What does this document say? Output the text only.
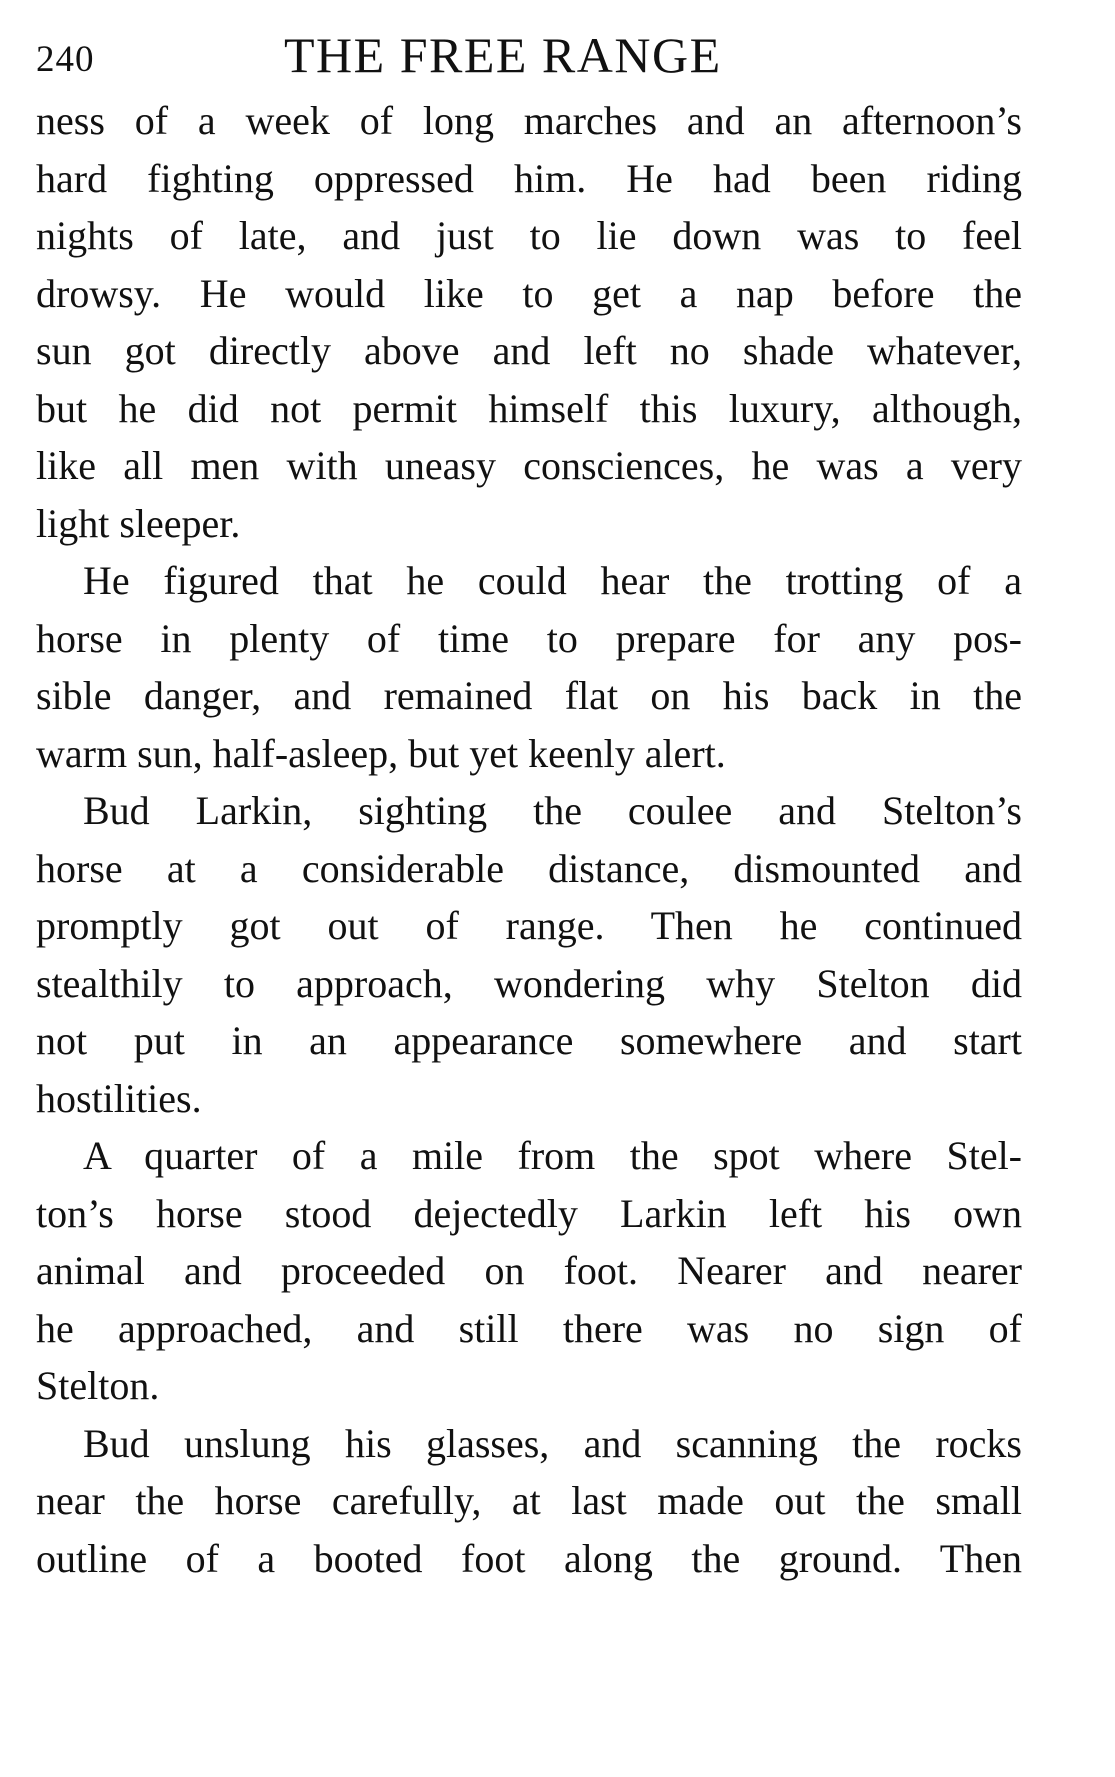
240	THE FREE RANGE
ness of a week of long marches and an afternoon’s
hard fighting oppressed him. He had been riding
nights of late, and just to lie down was to feel
drowsy. He would like to get a nap before the
sun got directly above and left no shade whatever,
but he did not permit himself this luxury, although,
like all men with uneasy consciences, he was a very
light sleeper.
He figured that he could hear the trotting of a
horse in plenty of time to prepare for any pos-
sible danger, and remained flat on his back in the
warm sun, half-asleep, but yet keenly alert.
Bud Larkin, sighting the coulee and Stelton’s
horse at a considerable distance, dismounted and
promptly got out of range. Then he continued
stealthily to approach, wondering why Stelton did
not put in an appearance somewhere and start
hostilities.
A quarter of a mile from the spot where Stel-
ton’s horse stood dejectedly Larkin left his own
animal and proceeded on foot. Nearer and nearer
he approached, and still there was no sign of
Stelton.
Bud unslung his glasses, and scanning the rocks
near the horse carefully, at last made out the small
outline of a booted foot along the ground. Then
